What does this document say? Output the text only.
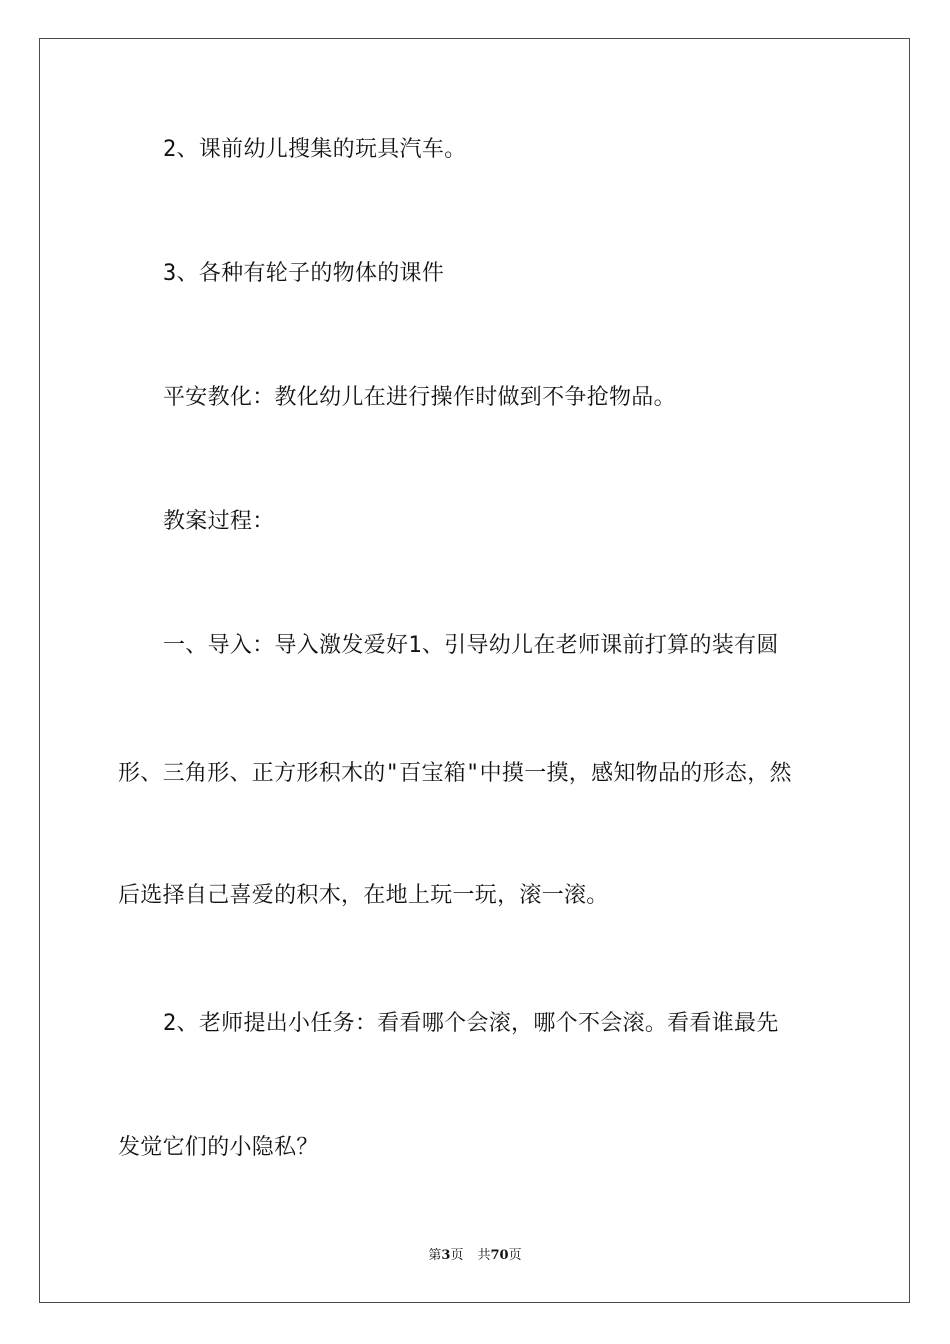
2、课前幼儿搜集的玩具汽车。
3、各种有轮子的物体的课件
平安教化：教化幼儿在进行操作时做到不争抢物品。
教案过程：
一、导入：导入激发爱好1、引导幼儿在老师课前打算的装有圆
形、三角形、正方形积木的"百宝箱"中摸一摸，感知物品的形态，然
后选择自己喜爱的积木，在地上玩一玩，滚一滚。
2、老师提出小任务：看看哪个会滚，哪个不会滚。看看谁最先
发觉它们的小隐私？
第3页 共70页
